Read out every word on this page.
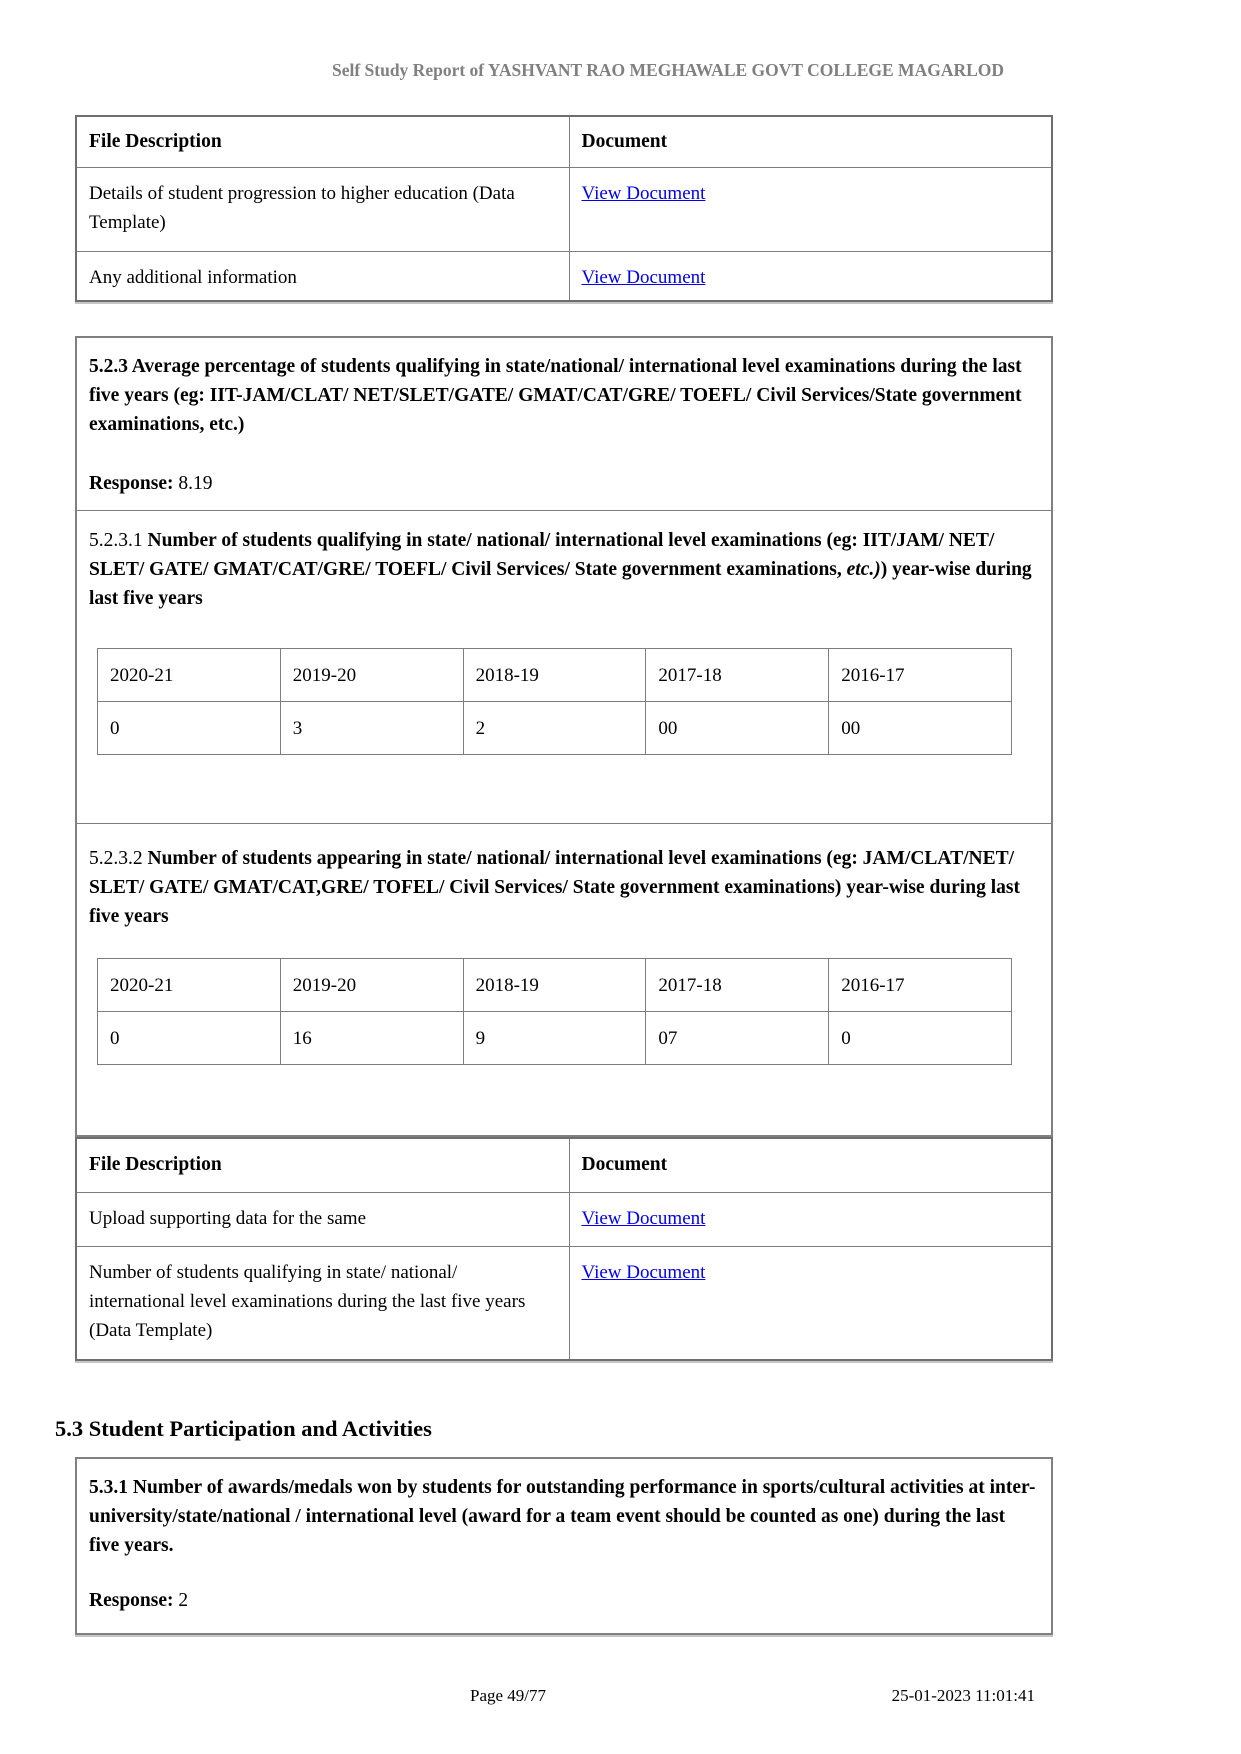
Self Study Report of YASHVANT RAO MEGHAWALE GOVT COLLEGE MAGARLOD
File Description	Document
Details of student progression to higher education (Data Template)	View Document
Any additional information	View Document

5.2.3 Average percentage of students qualifying in state/national/ international level examinations during the last five years (eg: IIT-JAM/CLAT/ NET/SLET/GATE/ GMAT/CAT/GRE/ TOEFL/ Civil Services/State government examinations, etc.)

Response: 8.19

5.2.3.1 Number of students qualifying in state/ national/ international level examinations (eg: IIT/JAM/ NET/ SLET/ GATE/ GMAT/CAT/GRE/ TOEFL/ Civil Services/ State government examinations, etc.)) year-wise during last five years

2020-21	2019-20	2018-19	2017-18	2016-17
0	3	2	00	00

5.2.3.2 Number of students appearing in state/ national/ international level examinations (eg: JAM/CLAT/NET/ SLET/ GATE/ GMAT/CAT,GRE/ TOFEL/ Civil Services/ State government examinations) year-wise during last five years

2020-21	2019-20	2018-19	2017-18	2016-17
0	16	9	07	0
File Description	Document
Upload supporting data for the same	View Document
Number of students qualifying in state/ national/ international level examinations during the last five years (Data Template)	View Document
5.3 Student Participation and Activities

5.3.1 Number of awards/medals won by students for outstanding performance in sports/cultural activities at inter-university/state/national / international level (award for a team event should be counted as one) during the last five years.

Response: 2

Page 49/77	25-01-2023 11:01:41
